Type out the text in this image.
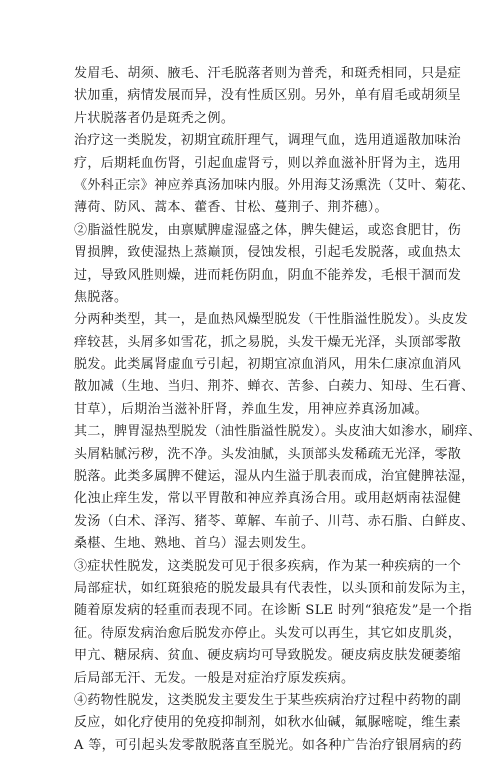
发眉毛、胡须、腋毛、汗毛脱落者则为普秃，和斑秃相同，只是症
状加重，病情发展而异，没有性质区别。另外，单有眉毛或胡须呈
片状脱落者仍是斑秃之例。
治疗这一类脱发，初期宜疏肝理气，调理气血，选用逍遥散加味治
疗，后期耗血伤肾，引起血虚肾亏，则以养血滋补肝肾为主，选用
《外科正宗》神应养真汤加味内服。外用海艾汤熏洗（艾叶、菊花、
薄荷、防风、蒿本、藿香、甘松、蔓荆子、荆芥穗）。
②脂溢性脱发，由禀赋脾虚湿盛之体，脾失健运，或恣食肥甘，伤
胃损脾，致使湿热上蒸巅顶，侵蚀发根，引起毛发脱落，或血热太
过，导致风胜则燥，进而耗伤阴血，阴血不能养发，毛根干涸而发
焦脱落。
分两种类型，其一，是血热风燥型脱发（干性脂溢性脱发）。头皮发
痒较甚，头屑多如雪花，抓之易脱，头发干燥无光泽，头顶部零散
脱发。此类属肾虚血亏引起，初期宜凉血消风，用朱仁康凉血消风
散加减（生地、当归、荆芥、蝉衣、苦参、白蒺力、知母、生石膏、
甘草），后期治当滋补肝肾，养血生发，用神应养真汤加减。
其二，脾胃湿热型脱发（油性脂溢性脱发）。头皮油大如渗水，刷痒、
头屑粘腻污秽，洗不净。头发油腻，头顶部头发稀疏无光泽，零散
脱落。此类多属脾不健运，湿从内生溢于肌表而成，治宜健脾祛湿，
化浊止痒生发，常以平胃散和神应养真汤合用。或用赵炳南祛湿健
发汤（白术、泽泻、猪苓、萆解、车前子、川芎、赤石脂、白鲜皮、
桑椹、生地、熟地、首乌）湿去则发生。
③症状性脱发，这类脱发可见于很多疾病，作为某一种疾病的一个
局部症状，如红斑狼疮的脱发最具有代表性，以头顶和前发际为主，
随着原发病的轻重而表现不同。在诊断 SLE 时列“狼疮发”是一个指
征。待原发病治愈后脱发亦停止。头发可以再生，其它如皮肌炎，
甲亢、糖尿病、贫血、硬皮病均可导致脱发。硬皮病皮肤发硬萎缩
后局部无汗、无发。一般是对症治疗原发疾病。
④药物性脱发，这类脱发主要发生于某些疾病治疗过程中药物的副
反应，如化疗使用的免疫抑制剂，如秋水仙碱，氟脲嘧啶，维生素
A 等，可引起头发零散脱落直至脱光。如各种广告治疗银屑病的药
